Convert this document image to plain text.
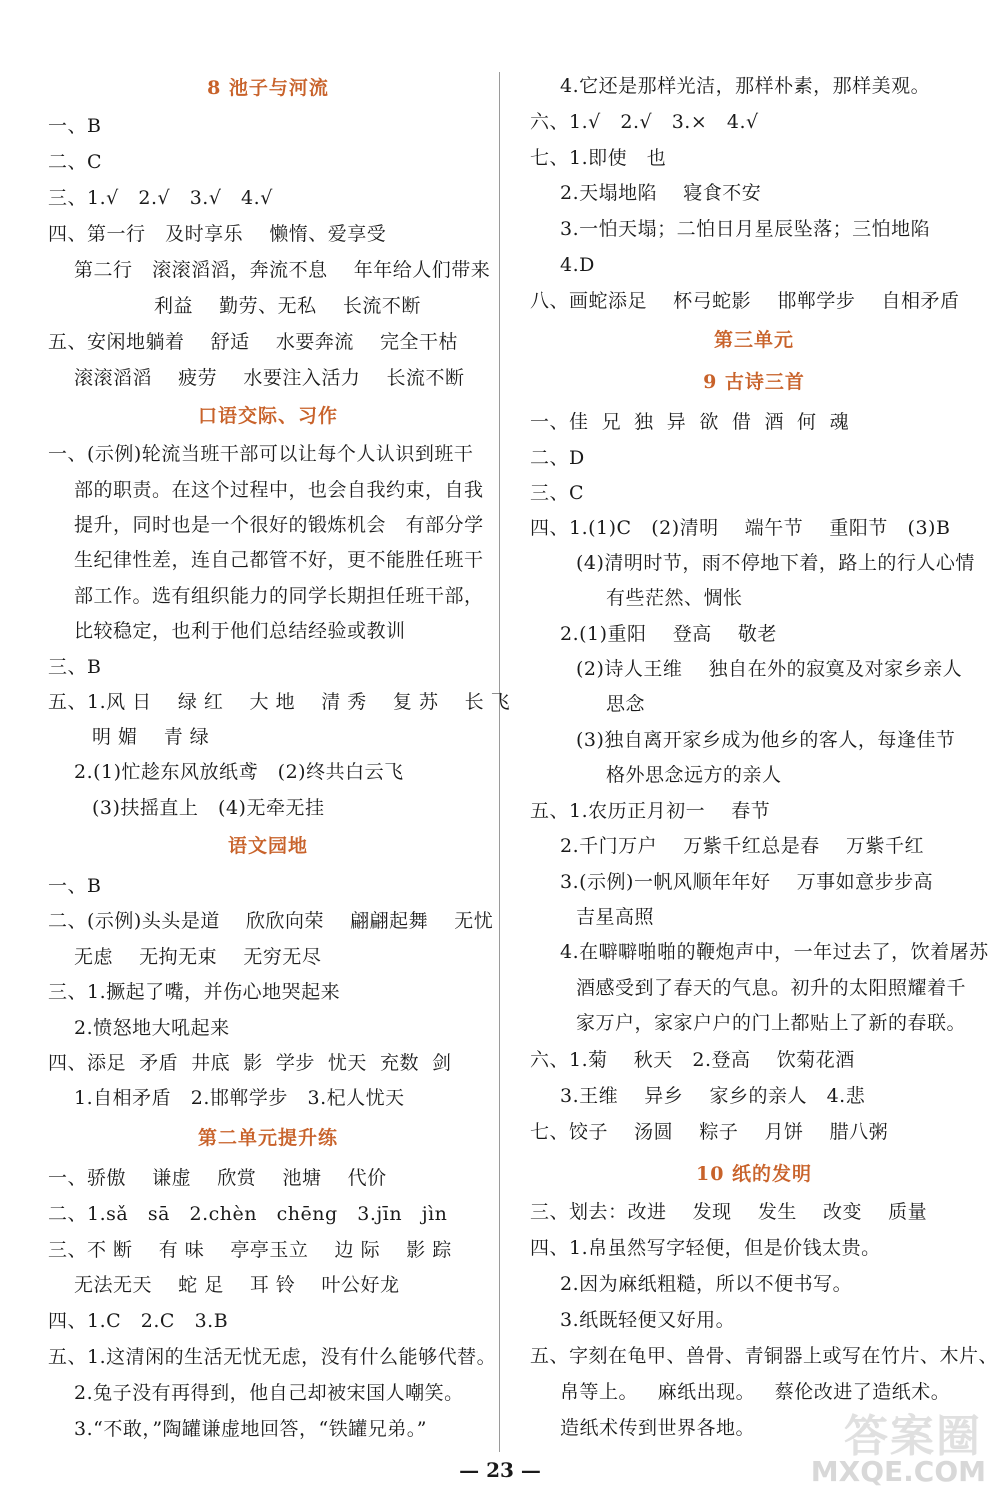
8 池子与河流
一、B
二、C
三、1.√   2.√   3.√   4.√
四、第一行   及时享乐    懒惰、爱享受
第二行   滚滚滔滔，奔流不息    年年给人们带来
利益    勤劳、无私    长流不断
五、安闲地躺着    舒适    水要奔流    完全干枯
滚滚滔滔    疲劳    水要注入活力    长流不断
口语交际、习作
一、(示例)轮流当班干部可以让每个人认识到班干
部的职责。在这个过程中，也会自我约束，自我
提升，同时也是一个很好的锻炼机会   有部分学
生纪律性差，连自己都管不好，更不能胜任班干
部工作。选有组织能力的同学长期担任班干部，
比较稳定，也利于他们总结经验或教训
三、B
五、1.风 日    绿 红    大 地    清 秀    复 苏    长 飞
明 媚    青 绿
2.(1)忙趁东风放纸鸢   (2)终共白云飞
(3)扶摇直上   (4)无牵无挂
语文园地
一、B
二、(示例)头头是道    欣欣向荣    翩翩起舞    无忧
无虑    无拘无束    无穷无尽
三、1.撅起了嘴，并伤心地哭起来
2.愤怒地大吼起来
四、添足  矛盾  井底  影  学步  忧天  充数  剑
1.自相矛盾   2.邯郸学步   3.杞人忧天
第二单元提升练
一、骄傲    谦虚    欣赏    池塘    代价
二、1.sǎ   sā   2.chèn   chēng   3.jīn   jìn
三、不 断    有 味    亭亭玉立    边 际    影 踪
无法无天    蛇 足    耳 铃    叶公好龙
四、1.C   2.C   3.B
五、1.这清闲的生活无忧无虑，没有什么能够代替。
2.兔子没有再得到，他自己却被宋国人嘲笑。
3.“不敢，”陶罐谦虚地回答，“铁罐兄弟。”
4.它还是那样光洁，那样朴素，那样美观。
六、1.√   2.√   3.×   4.√
七、1.即使   也
2.天塌地陷    寝食不安
3.一怕天塌；二怕日月星辰坠落；三怕地陷
4.D
八、画蛇添足    杯弓蛇影    邯郸学步    自相矛盾
第三单元
9 古诗三首
一、佳  兄  独  异  欲  借  酒  何  魂
二、D
三、C
四、1.(1)C   (2)清明    端午节    重阳节   (3)B
(4)清明时节，雨不停地下着，路上的行人心情
有些茫然、惆怅
2.(1)重阳    登高    敬老
(2)诗人王维    独自在外的寂寞及对家乡亲人
思念
(3)独自离开家乡成为他乡的客人，每逢佳节
格外思念远方的亲人
五、1.农历正月初一    春节
2.千门万户    万紫千红总是春    万紫千红
3.(示例)一帆风顺年年好    万事如意步步高
吉星高照
4.在噼噼啪啪的鞭炮声中，一年过去了，饮着屠苏
酒感受到了春天的气息。初升的太阳照耀着千
家万户，家家户户的门上都贴上了新的春联。
六、1.菊    秋天   2.登高    饮菊花酒
3.王维    异乡    家乡的亲人   4.悲
七、饺子    汤圆    粽子    月饼    腊八粥
10 纸的发明
三、划去：改进    发现    发生    改变    质量
四、1.帛虽然写字轻便，但是价钱太贵。
2.因为麻纸粗糙，所以不便书写。
3.纸既轻便又好用。
五、字刻在龟甲、兽骨、青铜器上或写在竹片、木片、
帛等上。   麻纸出现。   蔡伦改进了造纸术。
造纸术传到世界各地。
— 23 —
答案圈
MXQE.COM
